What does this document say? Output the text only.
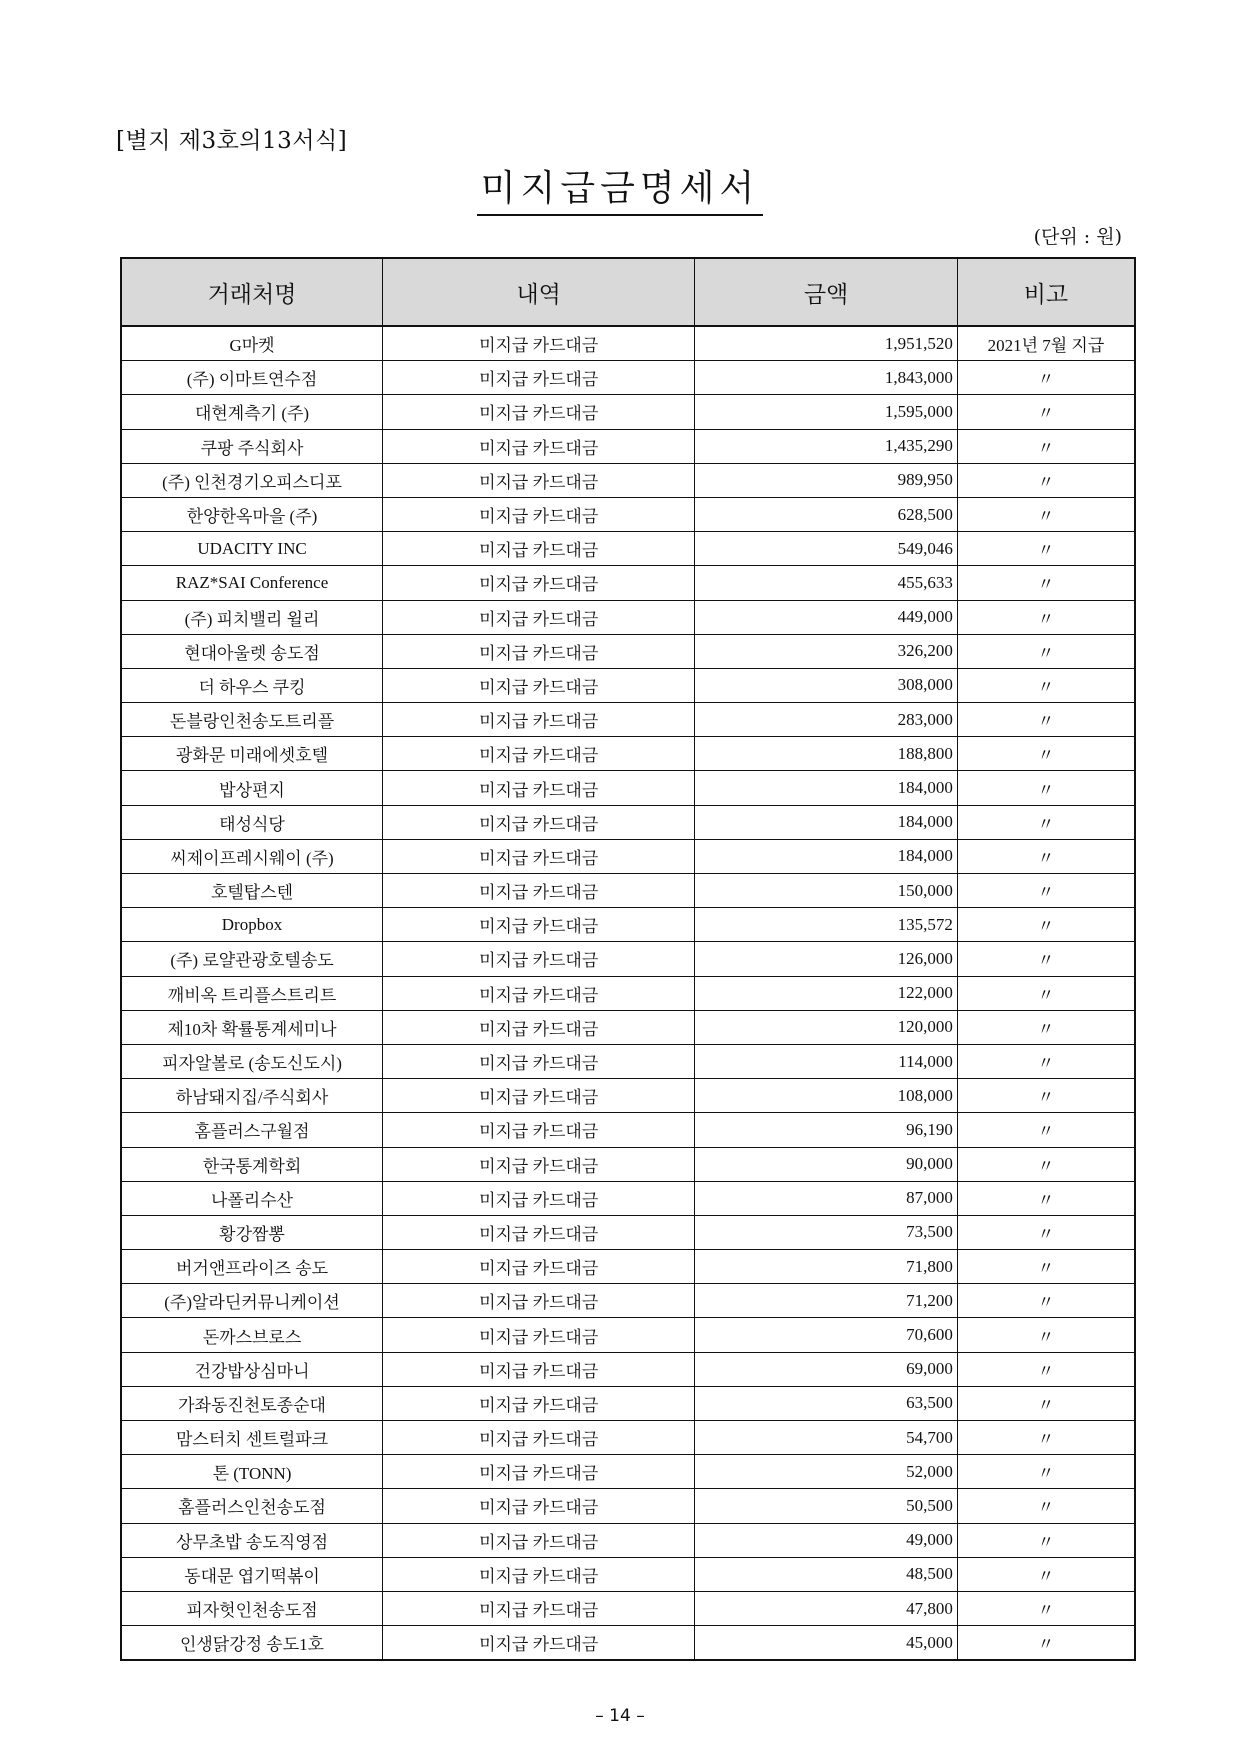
[별지 제3호의13서식]
미지급금명세서
(단위 : 원)
거래처명	내역	금액	비고
G마켓	미지급 카드대금	1,951,520	2021년 7월 지급
(주) 이마트연수점	미지급 카드대금	1,843,000	〃
대현계측기 (주)	미지급 카드대금	1,595,000	〃
쿠팡 주식회사	미지급 카드대금	1,435,290	〃
(주) 인천경기오피스디포	미지급 카드대금	989,950	〃
한양한옥마을 (주)	미지급 카드대금	628,500	〃
UDACITY INC	미지급 카드대금	549,046	〃
RAZ*SAI Conference	미지급 카드대금	455,633	〃
(주) 피치밸리 윌리	미지급 카드대금	449,000	〃
현대아울렛 송도점	미지급 카드대금	326,200	〃
더 하우스 쿠킹	미지급 카드대금	308,000	〃
돈블랑인천송도트리플	미지급 카드대금	283,000	〃
광화문 미래에셋호텔	미지급 카드대금	188,800	〃
밥상편지	미지급 카드대금	184,000	〃
태성식당	미지급 카드대금	184,000	〃
씨제이프레시웨이 (주)	미지급 카드대금	184,000	〃
호텔탑스텐	미지급 카드대금	150,000	〃
Dropbox	미지급 카드대금	135,572	〃
(주) 로얄관광호텔송도	미지급 카드대금	126,000	〃
깨비옥 트리플스트리트	미지급 카드대금	122,000	〃
제10차 확률통계세미나	미지급 카드대금	120,000	〃
피자알볼로 (송도신도시)	미지급 카드대금	114,000	〃
하남돼지집/주식회사	미지급 카드대금	108,000	〃
홈플러스구월점	미지급 카드대금	96,190	〃
한국통계학회	미지급 카드대금	90,000	〃
나폴리수산	미지급 카드대금	87,000	〃
황강짬뽕	미지급 카드대금	73,500	〃
버거앤프라이즈 송도	미지급 카드대금	71,800	〃
(주)알라딘커뮤니케이션	미지급 카드대금	71,200	〃
돈까스브로스	미지급 카드대금	70,600	〃
건강밥상심마니	미지급 카드대금	69,000	〃
가좌동진천토종순대	미지급 카드대금	63,500	〃
맘스터치 센트럴파크	미지급 카드대금	54,700	〃
톤 (TONN)	미지급 카드대금	52,000	〃
홈플러스인천송도점	미지급 카드대금	50,500	〃
상무초밥 송도직영점	미지급 카드대금	49,000	〃
동대문 엽기떡볶이	미지급 카드대금	48,500	〃
피자헛인천송도점	미지급 카드대금	47,800	〃
인생닭강정 송도1호	미지급 카드대금	45,000	〃
– 14 –
